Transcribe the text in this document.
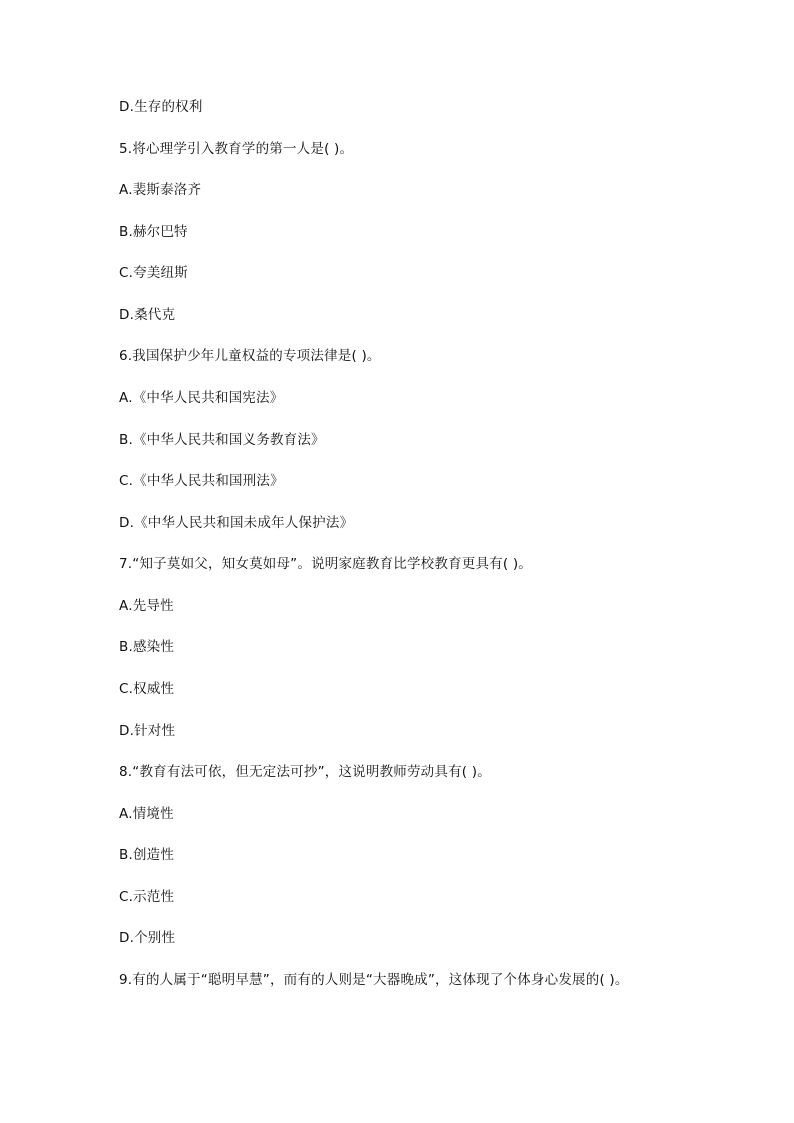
D.生存的权利
5.将心理学引入教育学的第一人是( )。
A.裴斯泰洛齐
B.赫尔巴特
C.夸美纽斯
D.桑代克
6.我国保护少年儿童权益的专项法律是( )。
A.《中华人民共和国宪法》
B.《中华人民共和国义务教育法》
C.《中华人民共和国刑法》
D.《中华人民共和国未成年人保护法》
7.“知子莫如父，知女莫如母”。说明家庭教育比学校教育更具有( )。
A.先导性
B.感染性
C.权威性
D.针对性
8.“教育有法可依，但无定法可抄”，这说明教师劳动具有( )。
A.情境性
B.创造性
C.示范性
D.个别性
9.有的人属于“聪明早慧”，而有的人则是“大器晚成”，这体现了个体身心发展的( )。
